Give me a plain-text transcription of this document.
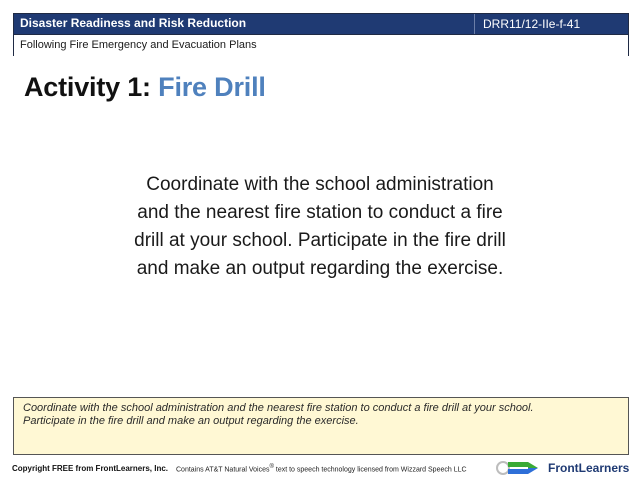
Disaster Readiness and Risk Reduction	DRR11/12-IIe-f-41
Following Fire Emergency and Evacuation Plans
Activity 1: Fire Drill
Coordinate with the school administration
and the nearest fire station to conduct a fire
drill at your school. Participate in the fire drill
and make an output regarding the exercise.
Coordinate with the school administration and the nearest fire station to conduct a fire drill at your school.
Participate in the fire drill and make an output regarding the exercise.
Copyright FREE from FrontLearners, Inc. Contains AT&T Natural Voices® text to speech technology licensed from Wizzard Speech LLC	FrontLearners
